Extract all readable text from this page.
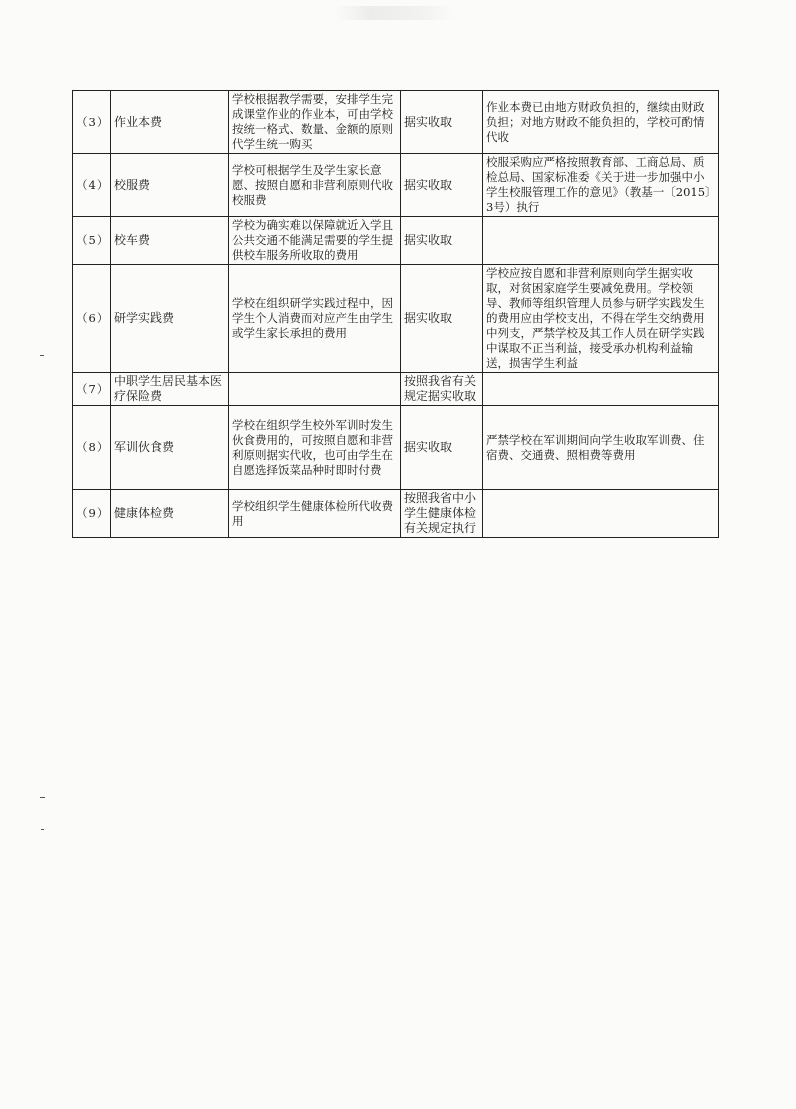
（3）	作业本费	学校根据教学需要，安排学生完成课堂作业的作业本，可由学校按统一格式、数量、金额的原则代学生统一购买	据实收取	作业本费已由地方财政负担的，继续由财政负担；对地方财政不能负担的，学校可酌情代收
（4）	校服费	学校可根据学生及学生家长意愿、按照自愿和非营利原则代收校服费	据实收取	校服采购应严格按照教育部、工商总局、质检总局、国家标准委《关于进一步加强中小学生校服管理工作的意见》（教基一〔2015〕3号）执行
（5）	校车费	学校为确实难以保障就近入学且公共交通不能满足需要的学生提供校车服务所收取的费用	据实收取	
（6）	研学实践费	学校在组织研学实践过程中，因学生个人消费而对应产生由学生或学生家长承担的费用	据实收取	学校应按自愿和非营利原则向学生据实收取，对贫困家庭学生要减免费用。学校领导、教师等组织管理人员参与研学实践发生的费用应由学校支出，不得在学生交纳费用中列支，严禁学校及其工作人员在研学实践中谋取不正当利益，接受承办机构利益输送，损害学生利益
（7）	中职学生居民基本医疗保险费		按照我省有关规定据实收取	
（8）	军训伙食费	学校在组织学生校外军训时发生伙食费用的，可按照自愿和非营利原则据实代收，也可由学生在自愿选择饭菜品种时即时付费	据实收取	严禁学校在军训期间向学生收取军训费、住宿费、交通费、照相费等费用
（9）	健康体检费	学校组织学生健康体检所代收费用	按照我省中小学生健康体检有关规定执行	
